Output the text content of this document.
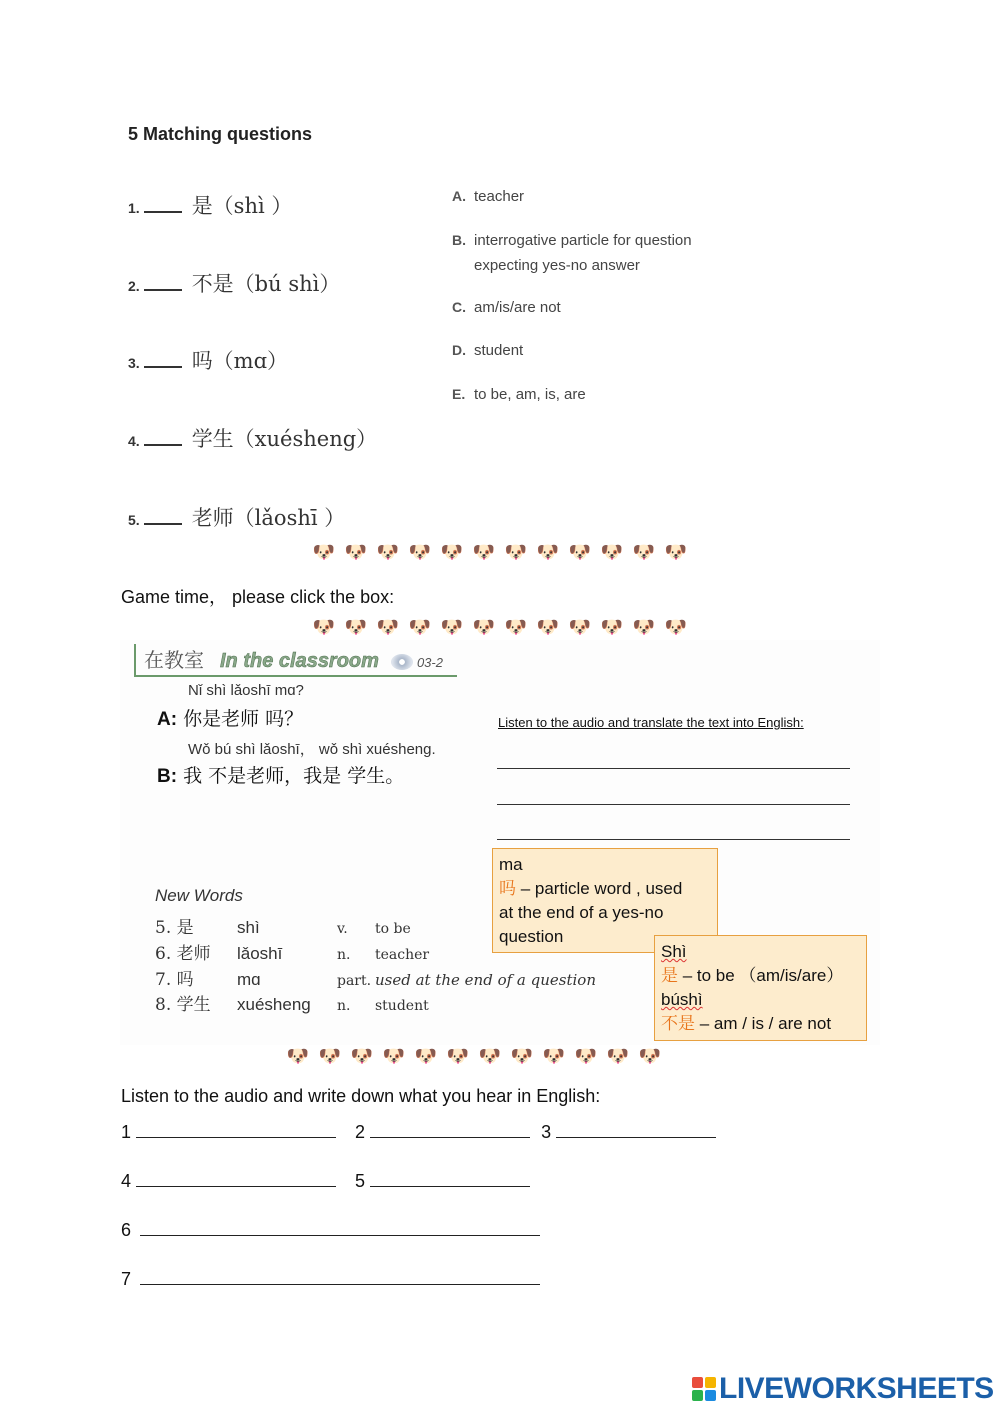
5 Matching questions
1. 是（shì ）
2. 不是（bú shì）
3. 吗（mɑ）
4. 学生（xuésheng）
5. 老师（lǎoshī ）
A. teacher
B. interrogative particle for question expecting yes-no answer
C. am/is/are not
D. student
E. to be, am, is, are
🐶 🐶 🐶 🐶 🐶 🐶 🐶 🐶 🐶 🐶 🐶 🐶
Game time， please click the box:
🐶 🐶 🐶 🐶 🐶 🐶 🐶 🐶 🐶 🐶 🐶 🐶
在教室 In the classroom	03-2
Nǐ shì lǎoshī mɑ?
A: 你是老师 吗？
Wǒ bú shì lǎoshī， wǒ shì xuésheng.
B: 我 不是老师，我是 学生。
Listen to the audio and translate the text into English:
New Words
5. 是	shì	v. to be
6. 老师 lǎoshī	n. teacher
7. 吗	mɑ	part. used at the end of a question
8. 学生 xuésheng n. student
ma
吗 – particle word , used
at the end of a yes-no
question
Shì
是 – to be （am/is/are）
búshì
不是 – am / is / are not
🐶 🐶 🐶 🐶 🐶 🐶 🐶 🐶 🐶 🐶 🐶 🐶
Listen to the audio and write down what you hear in English:
1	2	3
4	5
6
7
LIVEWORKSHEETS
